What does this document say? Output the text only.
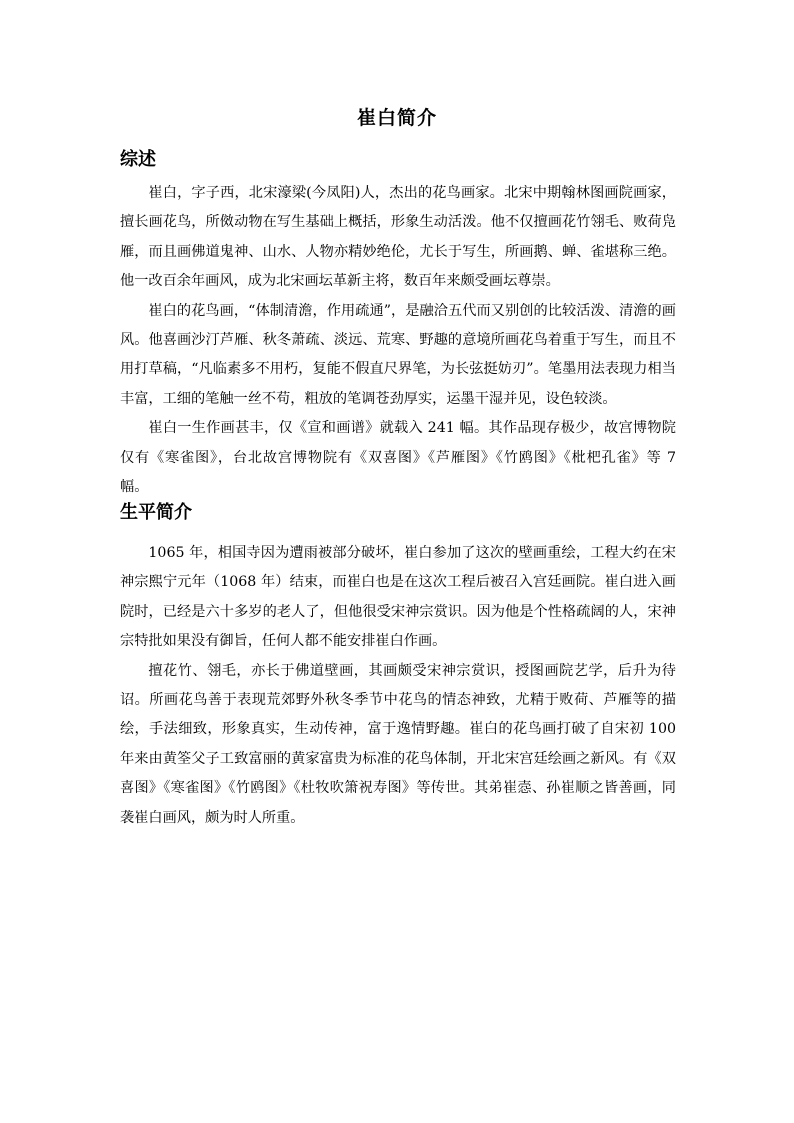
崔白简介
综述

崔白，字子西，北宋濠梁(今凤阳)人，杰出的花鸟画家。北宋中期翰林图画院画家，擅长画花鸟，所傚动物在写生基础上概括，形象生动活泼。他不仅擅画花竹翎毛、败荷凫雁，而且画佛道鬼神、山水、人物亦精妙绝伦，尤长于写生，所画鹅、蝉、雀堪称三绝。他一改百余年画风，成为北宋画坛革新主将，数百年来颇受画坛尊崇。

崔白的花鸟画，“体制清澹，作用疏通”，是融洽五代而又别创的比较活泼、清澹的画风。他喜画沙汀芦雁、秋冬萧疏、淡远、荒寒、野趣的意境所画花鸟着重于写生，而且不用打草稿，“凡临素多不用朽，复能不假直尺界笔，为长弦挺妨刃”。笔墨用法表现力相当丰富，工细的笔触一丝不苟，粗放的笔调苍劲厚实，运墨干湿并见，设色较淡。

崔白一生作画甚丰，仅《宣和画谱》就载入 241 幅。其作品现存极少，故宫博物院仅有《寒雀图》，台北故宫博物院有《双喜图》《芦雁图》《竹鸥图》《枇杷孔雀》等 7 幅。

生平简介

1065 年，相国寺因为遭雨被部分破坏，崔白参加了这次的壁画重绘，工程大约在宋神宗熙宁元年（1068 年）结束，而崔白也是在这次工程后被召入宫廷画院。崔白进入画院时，已经是六十多岁的老人了，但他很受宋神宗赏识。因为他是个性格疏阔的人，宋神宗特批如果没有御旨，任何人都不能安排崔白作画。

擅花竹、翎毛，亦长于佛道壁画，其画颇受宋神宗赏识，授图画院艺学，后升为待诏。所画花鸟善于表现荒郊野外秋冬季节中花鸟的情态神致，尤精于败荷、芦雁等的描绘，手法细致，形象真实，生动传神，富于逸情野趣。崔白的花鸟画打破了自宋初 100 年来由黄筌父子工致富丽的黄家富贵为标准的花鸟体制，开北宋宫廷绘画之新风。有《双喜图》《寒雀图》《竹鸥图》《杜牧吹箫祝寿图》等传世。其弟崔悫、孙崔顺之皆善画，同袭崔白画风，颇为时人所重。
